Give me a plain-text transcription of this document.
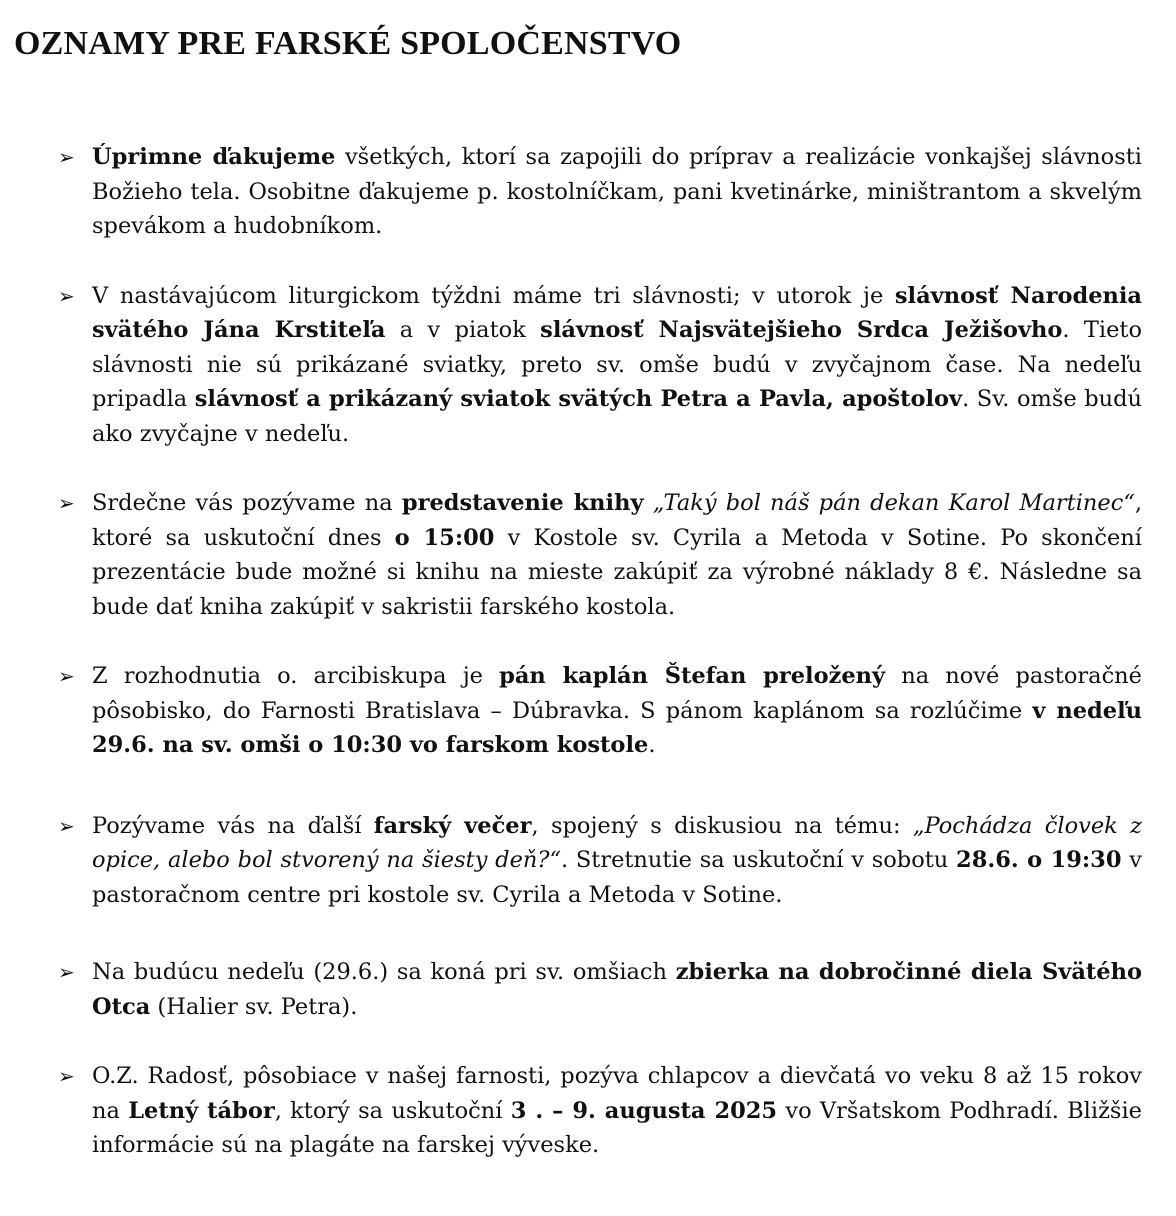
OZNAMY PRE FARSKÉ SPOLOČENSTVO
➢ Úprimne ďakujeme všetkých, ktorí sa zapojili do príprav a realizácie vonkajšej slávnosti Božieho tela. Osobitne ďakujeme p. kostolníčkam, pani kvetinárke, miništrantom a skvelým spevákom a hudobníkom.
➢ V nastávajúcom liturgickom týždni máme tri slávnosti; v utorok je slávnosť Narodenia svätého Jána Krstiteľa a v piatok slávnosť Najsvätejšieho Srdca Ježišovho. Tieto slávnosti nie sú prikázané sviatky, preto sv. omše budú v zvyčajnom čase. Na nedeľu pripadla slávnosť a prikázaný sviatok svätých Petra a Pavla, apoštolov. Sv. omše budú ako zvyčajne v nedeľu.
➢ Srdečne vás pozývame na predstavenie knihy „Taký bol náš pán dekan Karol Martinec“, ktoré sa uskutoční dnes o 15:00 v Kostole sv. Cyrila a Metoda v Sotine. Po skončení prezentácie bude možné si knihu na mieste zakúpiť za výrobné náklady 8 €. Následne sa bude dať kniha zakúpiť v sakristii farského kostola.
➢ Z rozhodnutia o. arcibiskupa je pán kaplán Štefan preložený na nové pastoračné pôsobisko, do Farnosti Bratislava – Dúbravka. S pánom kaplánom sa rozlúčime v nedeľu 29.6. na sv. omši o 10:30 vo farskom kostole.
➢ Pozývame vás na ďalší farský večer, spojený s diskusiou na tému: „Pochádza človek z opice, alebo bol stvorený na šiesty deň?“. Stretnutie sa uskutoční v sobotu 28.6. o 19:30 v pastoračnom centre pri kostole sv. Cyrila a Metoda v Sotine.
➢ Na budúcu nedeľu (29.6.) sa koná pri sv. omšiach zbierka na dobročinné diela Svätého Otca (Halier sv. Petra).
➢ O.Z. Radosť, pôsobiace v našej farnosti, pozýva chlapcov a dievčatá vo veku 8 až 15 rokov na Letný tábor, ktorý sa uskutoční 3 . – 9. augusta 2025 vo Vršatskom Podhradí. Bližšie informácie sú na plagáte na farskej výveske.
